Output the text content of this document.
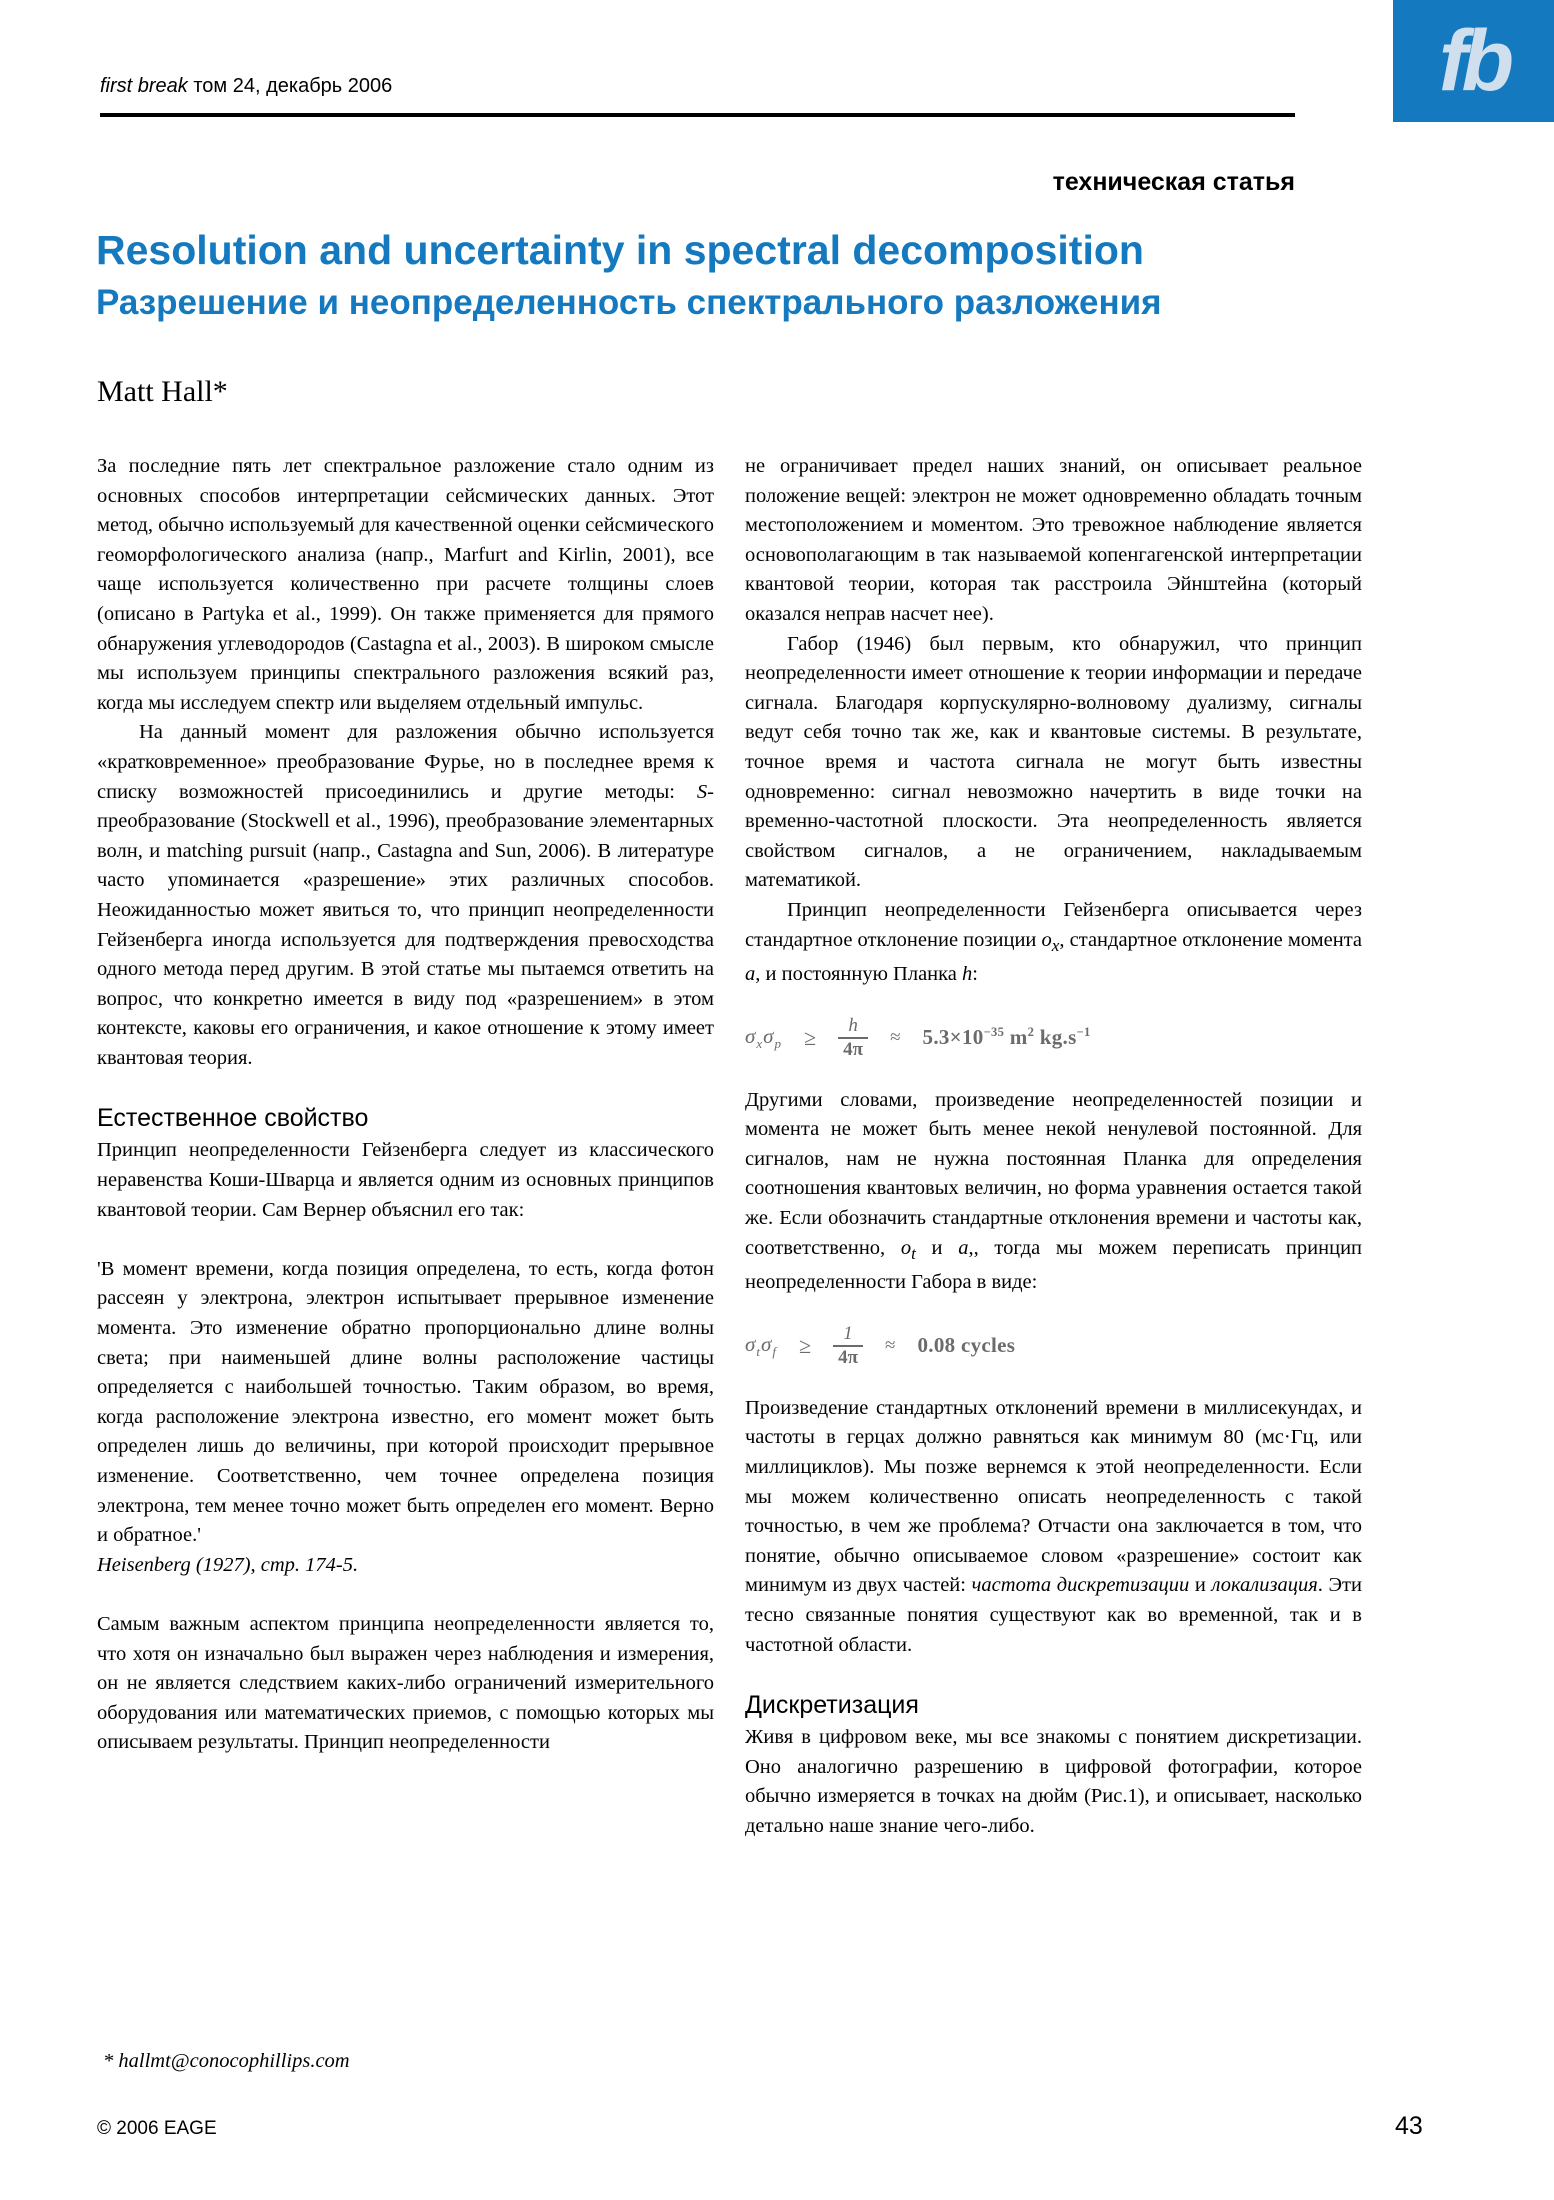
fb
first break том 24, декабрь 2006
техническая статья
Resolution and uncertainty in spectral decomposition
Разрешение и неопределенность спектрального разложения
Matt Hall*

За последние пять лет спектральное разложение стало одним из основных способов интерпретации сейсмических данных. Этот метод, обычно используемый для качественной оценки сейсмического геоморфологического анализа (напр., Marfurt and Kirlin, 2001), все чаще используется количественно при расчете толщины слоев (описано в Partyka et al., 1999). Он также применяется для прямого обнаружения углеводородов (Castagna et al., 2003). В широком смысле мы используем принципы спектрального разложения всякий раз, когда мы исследуем спектр или выделяем отдельный импульс.

На данный момент для разложения обычно используется «кратковременное» преобразование Фурье, но в последнее время к списку возможностей присоединились и другие методы: S-преобразование (Stockwell et al., 1996), преобразование элементарных волн, и matching pursuit (напр., Castagna and Sun, 2006). В литературе часто упоминается «разрешение» этих различных способов. Неожиданностью может явиться то, что принцип неопределенности Гейзенберга иногда используется для подтверждения превосходства одного метода перед другим. В этой статье мы пытаемся ответить на вопрос, что конкретно имеется в виду под «разрешением» в этом контексте, каковы его ограничения, и какое отношение к этому имеет квантовая теория.

Естественное свойство

Принцип неопределенности Гейзенберга следует из классического неравенства Коши-Шварца и является одним из основных принципов квантовой теории. Сам Вернер объяснил его так:

'В момент времени, когда позиция определена, то есть, когда фотон рассеян у электрона, электрон испытывает прерывное изменение момента. Это изменение обратно пропорционально длине волны света; при наименьшей длине волны расположение частицы определяется с наибольшей точностью. Таким образом, во время, когда расположение электрона известно, его момент может быть определен лишь до величины, при которой происходит прерывное изменение. Соответственно, чем точнее определена позиция электрона, тем менее точно может быть определен его момент. Верно и обратное.'

Heisenberg (1927), стр. 174-5.

Самым важным аспектом принципа неопределенности является то, что хотя он изначально был выражен через наблюдения и измерения, он не является следствием каких-либо ограничений измерительного оборудования или математических приемов, с помощью которых мы описываем результаты. Принцип неопределенности

не ограничивает предел наших знаний, он описывает реальное положение вещей: электрон не может одновременно обладать точным местоположением и моментом. Это тревожное наблюдение является основополагающим в так называемой копенгагенской интерпретации квантовой теории, которая так расстроила Эйнштейна (который оказался неправ насчет нее).

Габор (1946) был первым, кто обнаружил, что принцип неопределенности имеет отношение к теории информации и передаче сигнала. Благодаря корпускулярно-волновому дуализму, сигналы ведут себя точно так же, как и квантовые системы. В результате, точное время и частота сигнала не могут быть известны одновременно: сигнал невозможно начертить в виде точки на временно-частотной плоскости. Эта неопределенность является свойством сигналов, а не ограничением, накладываемым математикой.

Принцип неопределенности Гейзенберга описывается через стандартное отклонение позиции $o_x$, стандартное отклонение момента a, и постоянную Планка h:

$\sigma_x\sigma_p \ge \frac{h}{4\pi} \approx 5.3\times 10^{-35}$ $m^2$ $kg.s^{-1}$

Другими словами, произведение неопределенностей позиции и момента не может быть менее некой ненулевой постоянной. Для сигналов, нам не нужна постоянная Планка для определения соотношения квантовых величин, но форма уравнения остается такой же. Если обозначить стандартные отклонения времени и частоты как, соответственно, $o_t$ и a,, тогда мы можем переписать принцип неопределенности Габора в виде:

$\sigma_t\sigma_f \ge \frac{1}{4\pi} \approx 0.08$ cycles

Произведение стандартных отклонений времени в миллисекундах, и частоты в герцах должно равняться как минимум 80 (мс·Гц, или миллициклов). Мы позже вернемся к этой неопределенности. Если мы можем количественно описать неопределенность с такой точностью, в чем же проблема? Отчасти она заключается в том, что понятие, обычно описываемое словом «разрешение» состоит как минимум из двух частей: частота дискретизации и локализация. Эти тесно связанные понятия существуют как во временной, так и в частотной области.

Дискретизация

Живя в цифровом веке, мы все знакомы с понятием дискретизации. Оно аналогично разрешению в цифровой фотографии, которое обычно измеряется в точках на дюйм (Рис.1), и описывает, насколько детально наше знание чего-либо.

* hallmt@conocophillips.com
© 2006 EAGE	43
